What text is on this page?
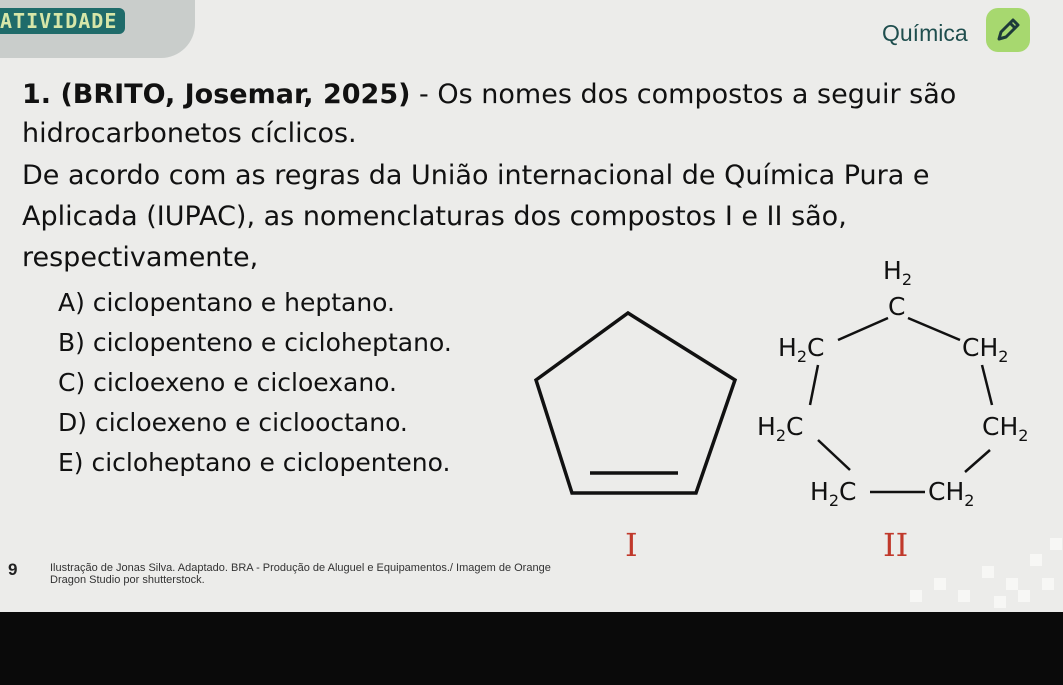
ATIVIDADE	Química

1. (BRITO, Josemar, 2025) - Os nomes dos compostos a seguir são hidrocarbonetos cíclicos.

De acordo com as regras da União internacional de Química Pura e Aplicada (IUPAC), as nomenclaturas dos compostos I e II são, respectivamente,

A) ciclopentano e heptano.
B) ciclopenteno e cicloheptano.
C) cicloexeno e cicloexano.
D) cicloexeno e ciclooctano.
E) cicloheptano e ciclopenteno.
I
$H_2$
C
$H_2C$	$CH_2$
$H_2C$	$CH_2$
$H_2C$	$CH_2$
II
9	Ilustração de Jonas Silva. Adaptado. BRA - Produção de Aluguel e Equipamentos./ Imagem de Orange
Dragon Studio por shutterstock.
